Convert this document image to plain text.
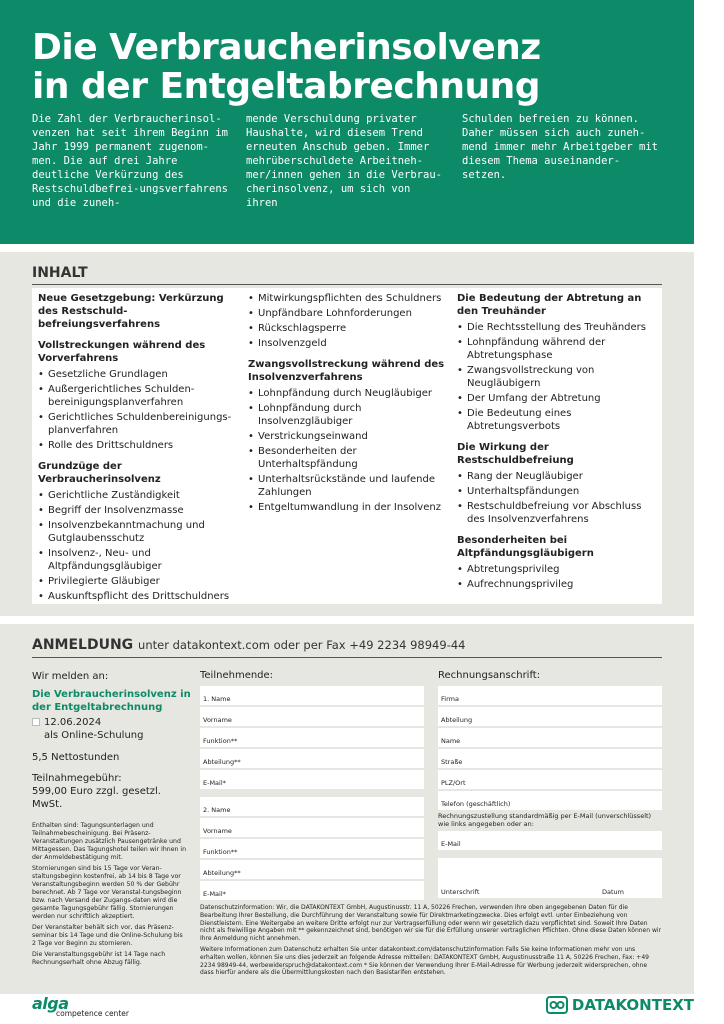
Die Verbraucherinsolvenz
in der Entgeltabrechnung
Die Zahl der Verbraucherinsol-venzen hat seit ihrem Beginn im Jahr 1999 permanent zugenom-men. Die auf drei Jahre deutliche Verkürzung des Restschuldbefrei-ungsverfahrens und die zuneh-
mende Verschuldung privater Haushalte, wird diesem Trend erneuten Anschub geben. Immer mehrüberschuldete Arbeitneh-mer/innen gehen in die Verbrau-cherinsolvenz, um sich von ihren
Schulden befreien zu können. Daher müssen sich auch zuneh-mend immer mehr Arbeitgeber mit diesem Thema auseinander-setzen.
INHALT
Neue Gesetzgebung: Verkürzung des Restschuld-befreiungsverfahrens
Vollstreckungen während des Vorverfahrens
• Gesetzliche Grundlagen
• Außergerichtliches Schulden-bereinigungsplanverfahren
• Gerichtliches Schuldenbereinigungs-planverfahren
• Rolle des Drittschuldners
Grundzüge der Verbraucherinsolvenz
• Gerichtliche Zuständigkeit
• Begriff der Insolvenzmasse
• Insolvenzbekanntmachung und Gutglaubensschutz
• Insolvenz-, Neu- und Altpfändungsgläubiger
• Privilegierte Gläubiger
• Auskunftspflicht des Drittschuldners
• Mitwirkungspflichten des Schuldners
• Unpfändbare Lohnforderungen
• Rückschlagsperre
• Insolvenzgeld
Zwangsvollstreckung während des Insolvenzverfahrens
• Lohnpfändung durch Neugläubiger
• Lohnpfändung durch Insolvenzgläubiger
• Verstrickungseinwand
• Besonderheiten der Unterhaltspfändung
• Unterhaltsrückstände und laufende Zahlungen
• Entgeltumwandlung in der Insolvenz
Die Bedeutung der Abtretung an den Treuhänder
• Die Rechtsstellung des Treuhänders
• Lohnpfändung während der Abtretungsphase
• Zwangsvollstreckung von Neugläubigern
• Der Umfang der Abtretung
• Die Bedeutung eines Abtretungsverbots
Die Wirkung der Restschuldbefreiung
• Rang der Neugläubiger
• Unterhaltspfändungen
• Restschuldbefreiung vor Abschluss des Insolvenzverfahrens
Besonderheiten bei Altpfändungsgläubigern
• Abtretungsprivileg
• Aufrechnungsprivileg
ANMELDUNG unter datakontext.com oder per Fax +49 2234 98949-44
Wir melden an:
Die Verbraucherinsolvenz in der Entgeltabrechnung
12.06.2024
als Online-Schulung
5,5 Nettostunden
Teilnahmegebühr:
599,00 Euro zzgl. gesetzl. MwSt.

Enthalten sind: Tagungsunterlagen und Teilnahmebescheinigung. Bei Präsenz-Veranstaltungen zusätzlich Pausengetränke und Mittagessen. Das Tagungshotel teilen wir Ihnen in der Anmeldebestätigung mit.

Stornierungen sind bis 15 Tage vor Veran-staltungsbeginn kostenfrei, ab 14 bis 8 Tage vor Veranstaltungsbeginn werden 50 % der Gebühr berechnet. Ab 7 Tage vor Veranstal-tungsbeginn bzw. nach Versand der Zugangs-daten wird die gesamte Tagungsgebühr fällig. Stornierungen werden nur schriftlich akzeptiert.

Der Veranstalter behält sich vor, das Präsenz-seminar bis 14 Tage und die Online-Schulung bis 2 Tage vor Beginn zu stornieren.

Die Veranstaltungsgebühr ist 14 Tage nach Rechnungserhalt ohne Abzug fällig.

Teilnehmende:
1. Name
Vorname
Funktion**
Abteilung**
E-Mail*
2. Name
Vorname
Funktion**
Abteilung**
E-Mail*
Rechnungsanschrift:
Firma
Abteilung
Name
Straße
PLZ/Ort
Telefon (geschäftlich)
Rechnungszustellung standardmäßig per E-Mail (unverschlüsselt) wie links angegeben oder an:
E-Mail
Unterschrift	Datum

Datenschutzinformation: Wir, die DATAKONTEXT GmbH, Augustinusstr. 11 A, 50226 Frechen, verwenden Ihre oben angegebenen Daten für die Bearbeitung Ihrer Bestellung, die Durchführung der Veranstaltung sowie für Direktmarketingzwecke. Dies erfolgt evtl. unter Einbeziehung von Dienstleistern. Eine Weitergabe an weitere Dritte erfolgt nur zur Vertragserfüllung oder wenn wir gesetzlich dazu verpflichtet sind. Soweit Ihre Daten nicht als freiwillige Angaben mit ** gekennzeichnet sind, benötigen wir sie für die Erfüllung unserer vertraglichen Pflichten. Ohne diese Daten können wir Ihre Anmeldung nicht annehmen.

Weitere Informationen zum Datenschutz erhalten Sie unter datakontext.com/datenschutzinformation Falls Sie keine Informationen mehr von uns erhalten wollen, können Sie uns dies jederzeit an folgende Adresse mitteilen: DATAKONTEXT GmbH, Augustinusstraße 11 A, 50226 Frechen, Fax: +49 2234 98949-44, werbewiderspruch@datakontext.com * Sie können der Verwendung Ihrer E-Mail-Adresse für Werbung jederzeit widersprechen, ohne dass hierfür andere als die Übermittlungskosten nach den Basistarifen entstehen.

alga
competence center	DATAKONTEXT
